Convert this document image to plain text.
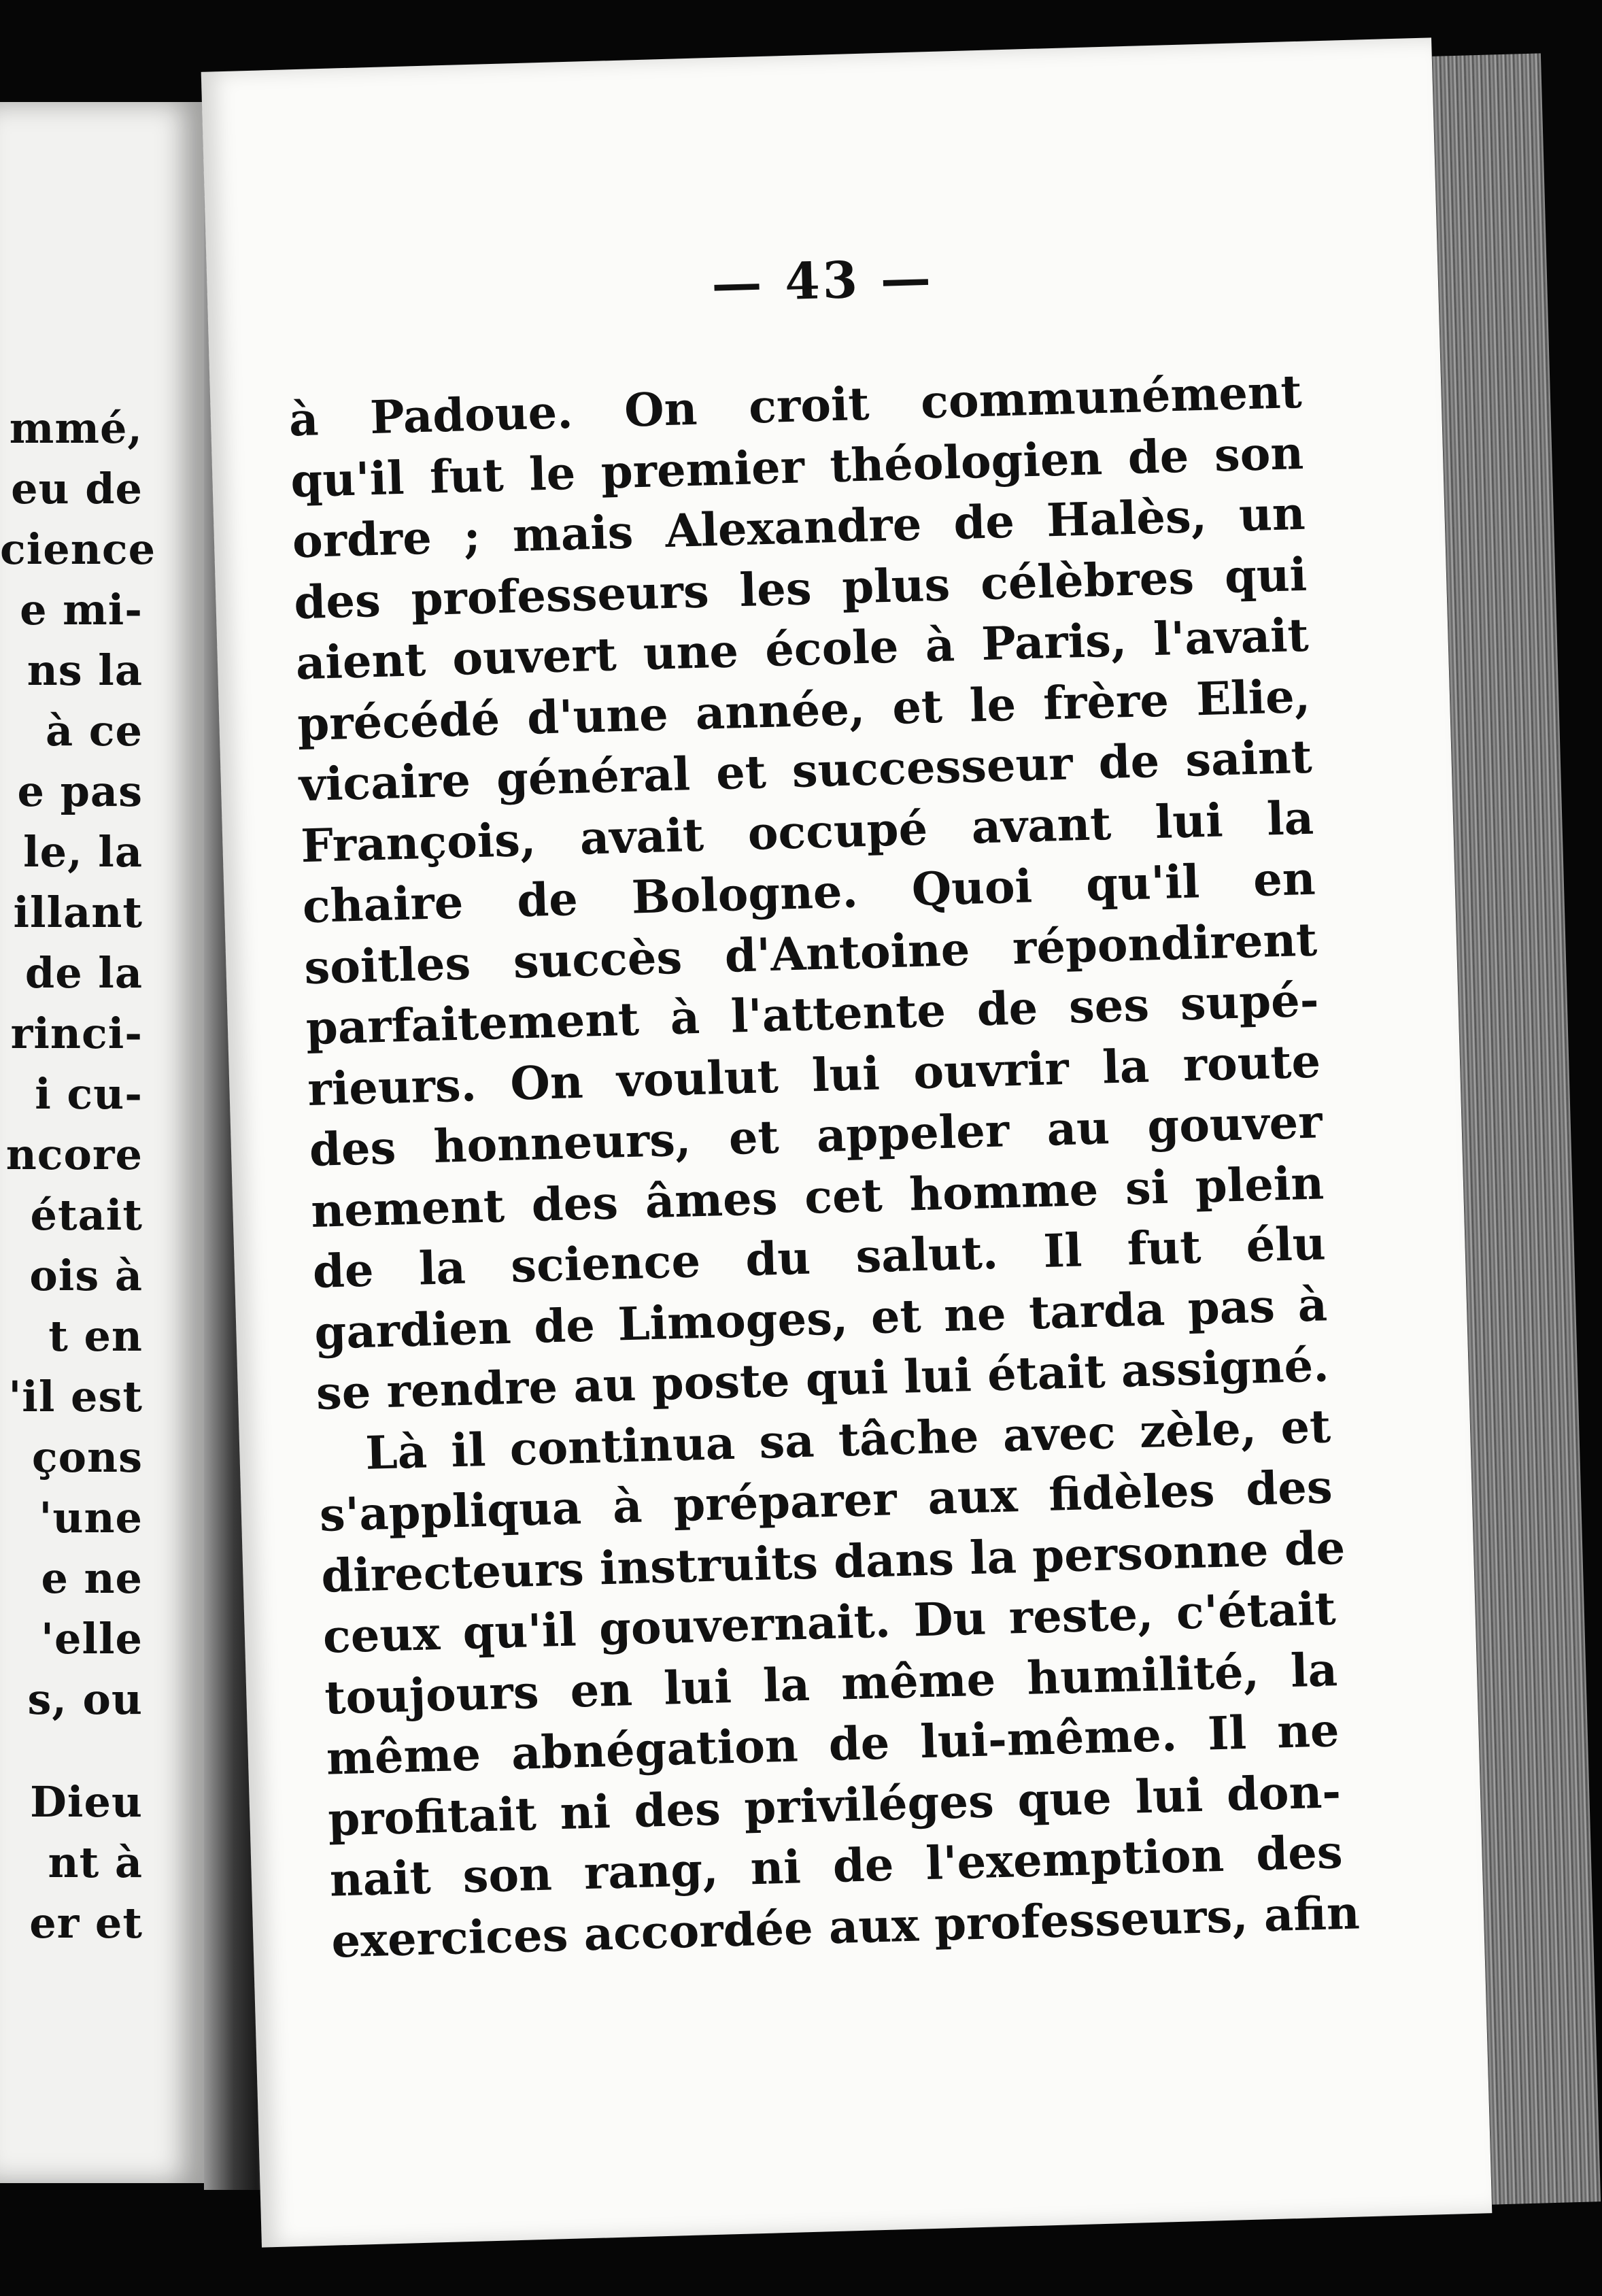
mmé,
eu de
cience
e mi-
ns la
à ce
e pas
le, la
illant
de la
rinci-
i cu-
ncore
était
ois à
t en
'il est
çons
'une
e ne
'elle
s, ou
Dieu
nt à
er et
— 43 —
à Padoue. On croit communément
qu'il fut le premier théologien de son
ordre ; mais Alexandre de Halès, un
des professeurs les plus célèbres qui
aient ouvert une école à Paris, l'avait
précédé d'une année, et le frère Elie,
vicaire général et successeur de saint
François, avait occupé avant lui la
chaire de Bologne. Quoi qu'il en
soitles succès d'Antoine répondirent
parfaitement à l'attente de ses supé-
rieurs. On voulut lui ouvrir la route
des honneurs, et appeler au gouver
nement des âmes cet homme si plein
de la science du salut. Il fut élu
gardien de Limoges, et ne tarda pas à
se rendre au poste qui lui était assigné.
Là il continua sa tâche avec zèle, et
s'appliqua à préparer aux fidèles des
directeurs instruits dans la personne de
ceux qu'il gouvernait. Du reste, c'était
toujours en lui la même humilité, la
même abnégation de lui-même. Il ne
profitait ni des priviléges que lui don-
nait son rang, ni de l'exemption des
exercices accordée aux professeurs, afin
